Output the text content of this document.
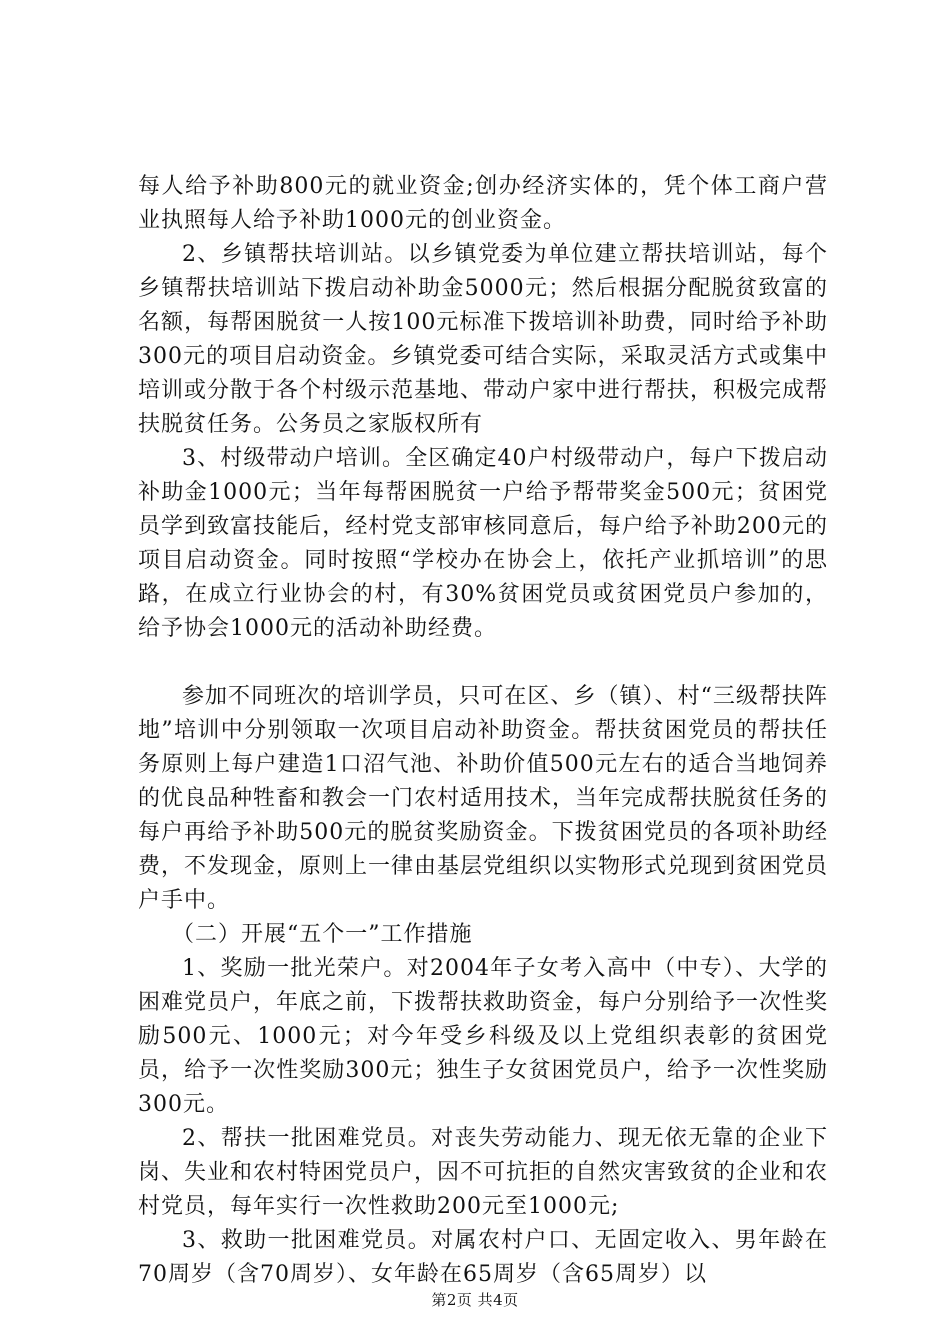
每人给予补助800元的就业资金;创办经济实体的，凭个体工商户营业执照每人给予补助1000元的创业资金。

2、乡镇帮扶培训站。以乡镇党委为单位建立帮扶培训站，每个乡镇帮扶培训站下拨启动补助金5000元；然后根据分配脱贫致富的名额，每帮困脱贫一人按100元标准下拨培训补助费，同时给予补助300元的项目启动资金。乡镇党委可结合实际，采取灵活方式或集中培训或分散于各个村级示范基地、带动户家中进行帮扶，积极完成帮扶脱贫任务。公务员之家版权所有

3、村级带动户培训。全区确定40户村级带动户，每户下拨启动补助金1000元；当年每帮困脱贫一户给予帮带奖金500元；贫困党员学到致富技能后，经村党支部审核同意后，每户给予补助200元的项目启动资金。同时按照“学校办在协会上，依托产业抓培训”的思路，在成立行业协会的村，有30%贫困党员或贫困党员户参加的，给予协会1000元的活动补助经费。

参加不同班次的培训学员，只可在区、乡（镇）、村“三级帮扶阵地”培训中分别领取一次项目启动补助资金。帮扶贫困党员的帮扶任务原则上每户建造1口沼气池、补助价值500元左右的适合当地饲养的优良品种牲畜和教会一门农村适用技术，当年完成帮扶脱贫任务的每户再给予补助500元的脱贫奖励资金。下拨贫困党员的各项补助经费，不发现金，原则上一律由基层党组织以实物形式兑现到贫困党员户手中。

（二）开展“五个一”工作措施

1、奖励一批光荣户。对2004年子女考入高中（中专）、大学的困难党员户，年底之前，下拨帮扶救助资金，每户分别给予一次性奖励500元、1000元；对今年受乡科级及以上党组织表彰的贫困党员，给予一次性奖励300元；独生子女贫困党员户，给予一次性奖励300元。

2、帮扶一批困难党员。对丧失劳动能力、现无依无靠的企业下岗、失业和农村特困党员户，因不可抗拒的自然灾害致贫的企业和农村党员，每年实行一次性救助200元至1000元;

3、救助一批困难党员。对属农村户口、无固定收入、男年龄在70周岁（含70周岁）、女年龄在65周岁（含65周岁）以

第2页 共4页
